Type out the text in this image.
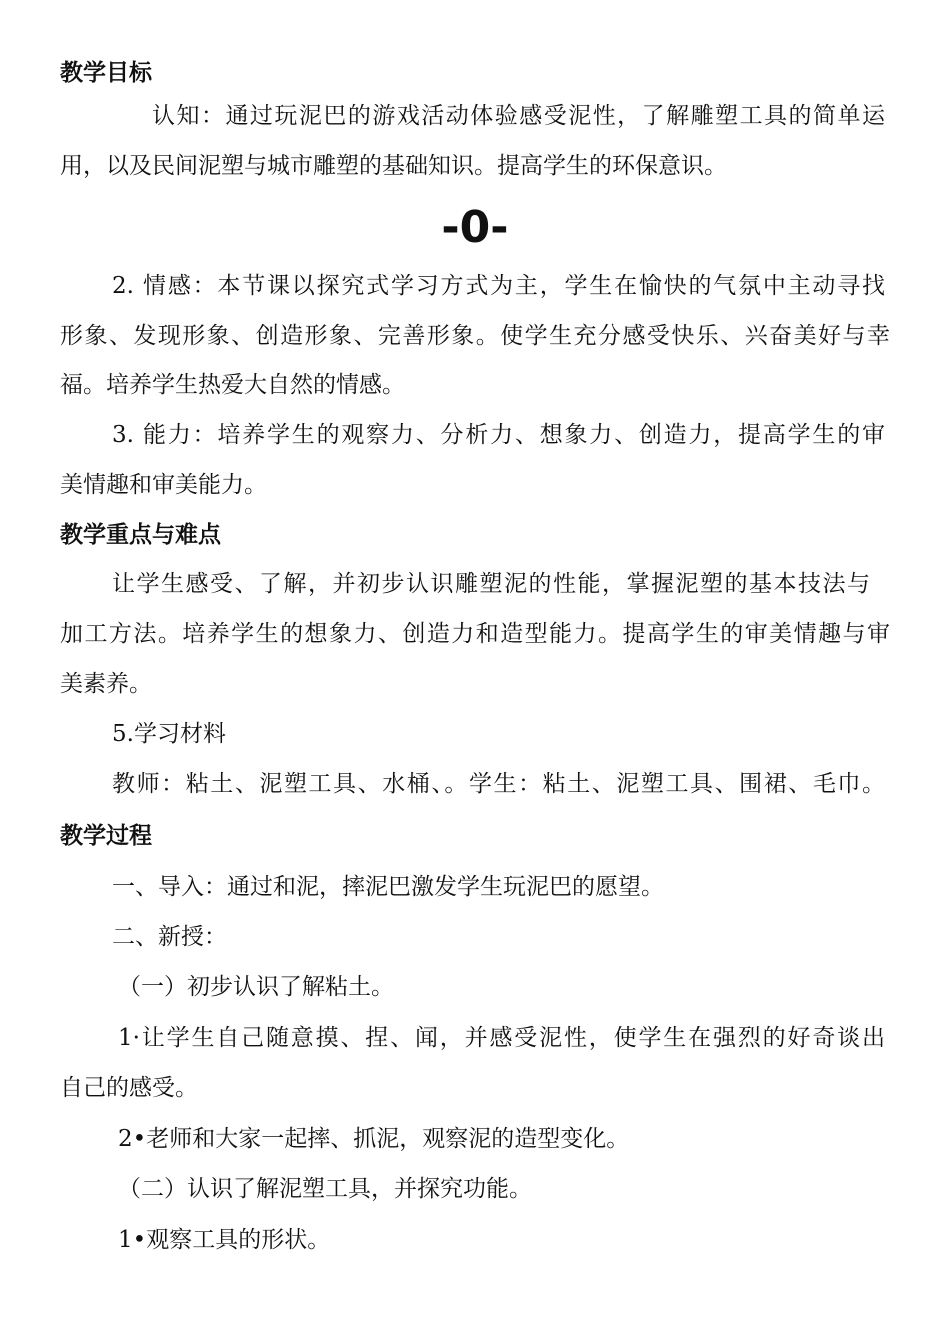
教学目标
认知：通过玩泥巴的游戏活动体验感受泥性，了解雕塑工具的简单运
用，以及民间泥塑与城市雕塑的基础知识。提高学生的环保意识。
-0-
2. 情感：本节课以探究式学习方式为主，学生在愉快的气氛中主动寻找
形象、发现形象、创造形象、完善形象。使学生充分感受快乐、兴奋美好与幸
福。培养学生热爱大自然的情感。
3. 能力：培养学生的观察力、分析力、想象力、创造力，提高学生的审
美情趣和审美能力。
教学重点与难点
让学生感受、了解，并初步认识雕塑泥的性能，掌握泥塑的基本技法与
加工方法。培养学生的想象力、创造力和造型能力。提高学生的审美情趣与审
美素养。
5.学习材料
教师：粘土、泥塑工具、水桶、。学生：粘土、泥塑工具、围裙、毛巾。
教学过程
一、导入：通过和泥，摔泥巴激发学生玩泥巴的愿望。
二、新授：
（一）初步认识了解粘土。
1·让学生自己随意摸、捏、闻，并感受泥性，使学生在强烈的好奇谈出
自己的感受。
2•老师和大家一起摔、抓泥，观察泥的造型变化。
（二）认识了解泥塑工具，并探究功能。
1•观察工具的形状。
